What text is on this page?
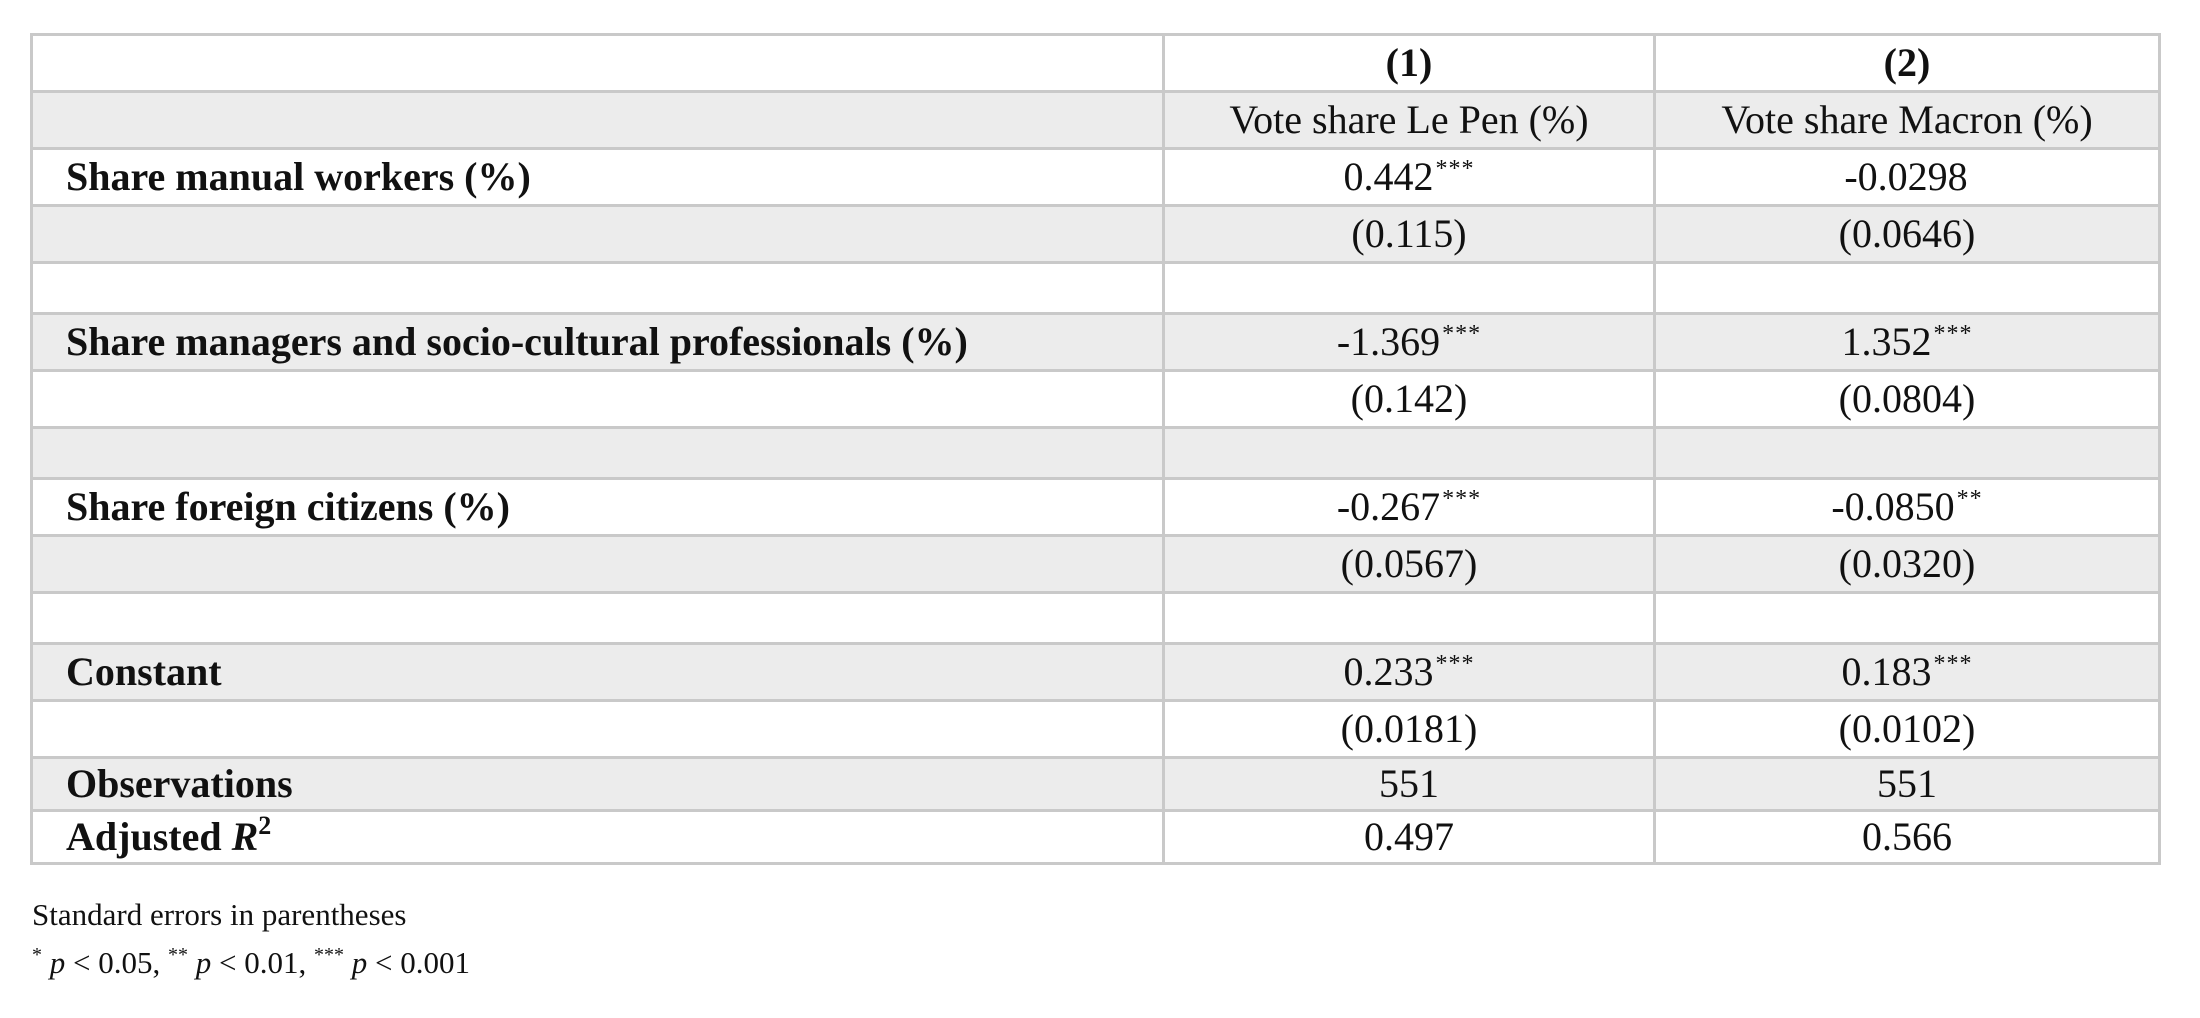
	(1)	(2)
	Vote share Le Pen (%)	Vote share Macron (%)
Share manual workers (%)	0.442***	-0.0298
	(0.115)	(0.0646)

Share managers and socio-cultural professionals (%)	-1.369***	1.352***
	(0.142)	(0.0804)

Share foreign citizens (%)	-0.267***	-0.0850**
	(0.0567)	(0.0320)

Constant	0.233***	0.183***
	(0.0181)	(0.0102)
Observations	551	551
Adjusted $R^2$	0.497	0.566
Standard errors in parentheses
* p < 0.05, ** p < 0.01, *** p < 0.001
